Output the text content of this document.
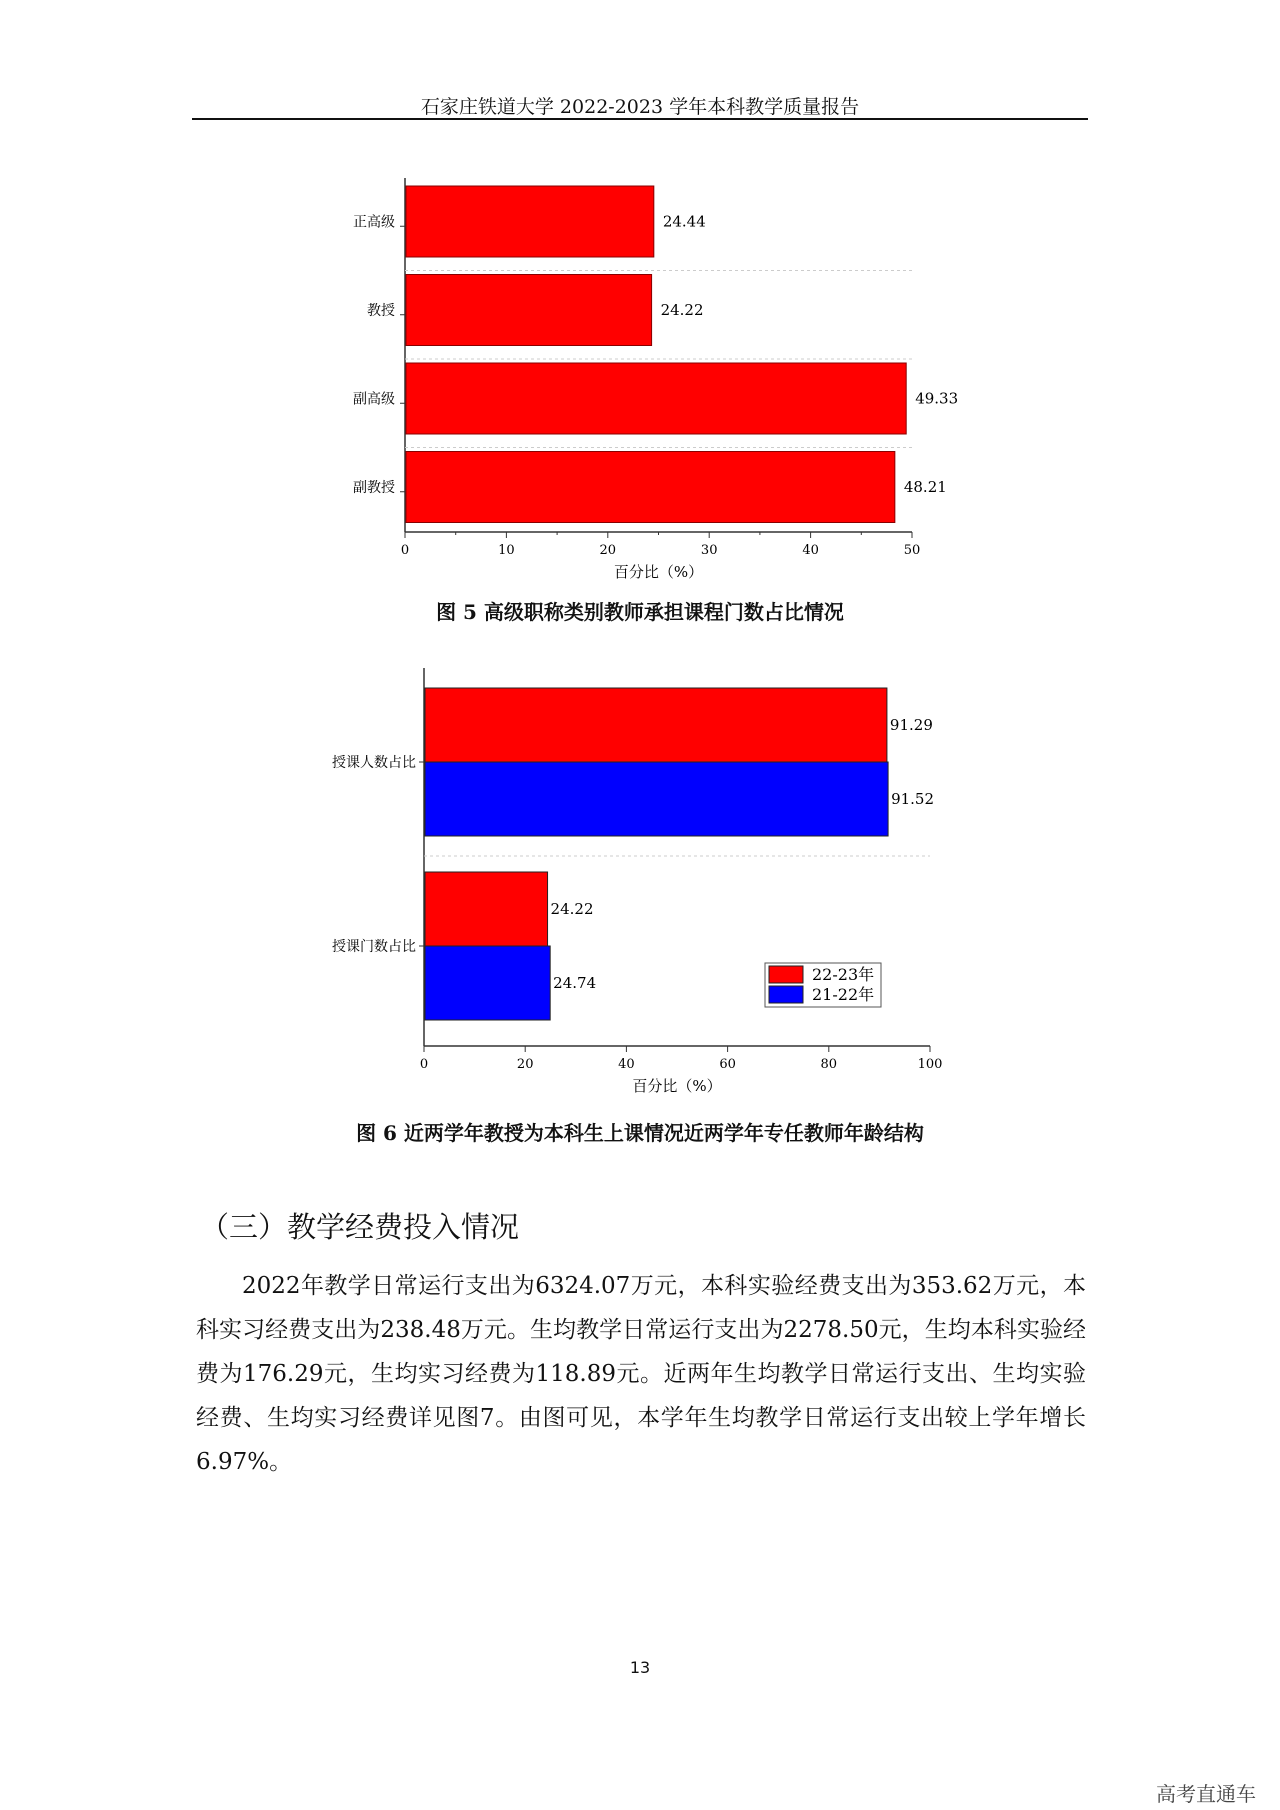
石家庄铁道大学 2022-2023 学年本科教学质量报告
正高级	24.44
教授	24.22
副高级	49.33
副教授	48.21
0	10	20	30	40	50
百分比（%）
图 5 高级职称类别教师承担课程门数占比情况
授课人数占比
91.29
91.52
授课门数占比
24.22
24.74
0	20	40	60	80	100
百分比（%）
22-23年
21-22年
图 6 近两学年教授为本科生上课情况近两学年专任教师年龄结构
（三）教学经费投入情况
2022年教学日常运行支出为6324.07万元，本科实验经费支出为353.62万元，本科实习经费支出为238.48万元。生均教学日常运行支出为2278.50元，生均本科实验经费为176.29元，生均实习经费为118.89元。近两年生均教学日常运行支出、生均实验经费、生均实习经费详见图7。由图可见，本学年生均教学日常运行支出较上学年增长6.97%。
13
高考直通车
